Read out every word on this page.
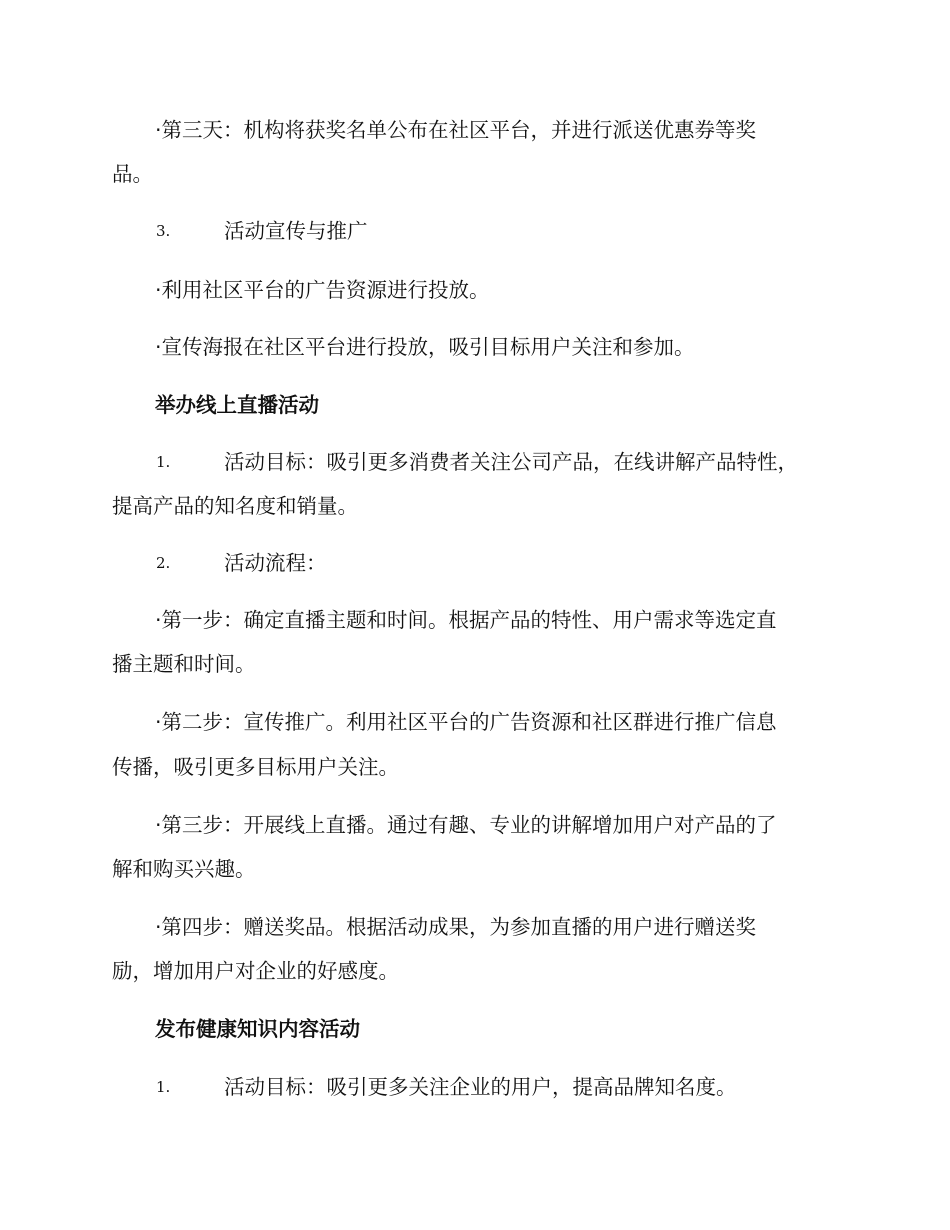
·第三天：机构将获奖名单公布在社区平台，并进行派送优惠券等奖
品。
3.	活动宣传与推广
·利用社区平台的广告资源进行投放。
·宣传海报在社区平台进行投放，吸引目标用户关注和参加。
举办线上直播活动
1.	活动目标：吸引更多消费者关注公司产品，在线讲解产品特性，
提高产品的知名度和销量。
2.	活动流程：
·第一步：确定直播主题和时间。根据产品的特性、用户需求等选定直
播主题和时间。
·第二步：宣传推广。利用社区平台的广告资源和社区群进行推广信息
传播，吸引更多目标用户关注。
·第三步：开展线上直播。通过有趣、专业的讲解增加用户对产品的了
解和购买兴趣。
·第四步：赠送奖品。根据活动成果，为参加直播的用户进行赠送奖
励，增加用户对企业的好感度。
发布健康知识内容活动
1.	活动目标：吸引更多关注企业的用户，提高品牌知名度。
